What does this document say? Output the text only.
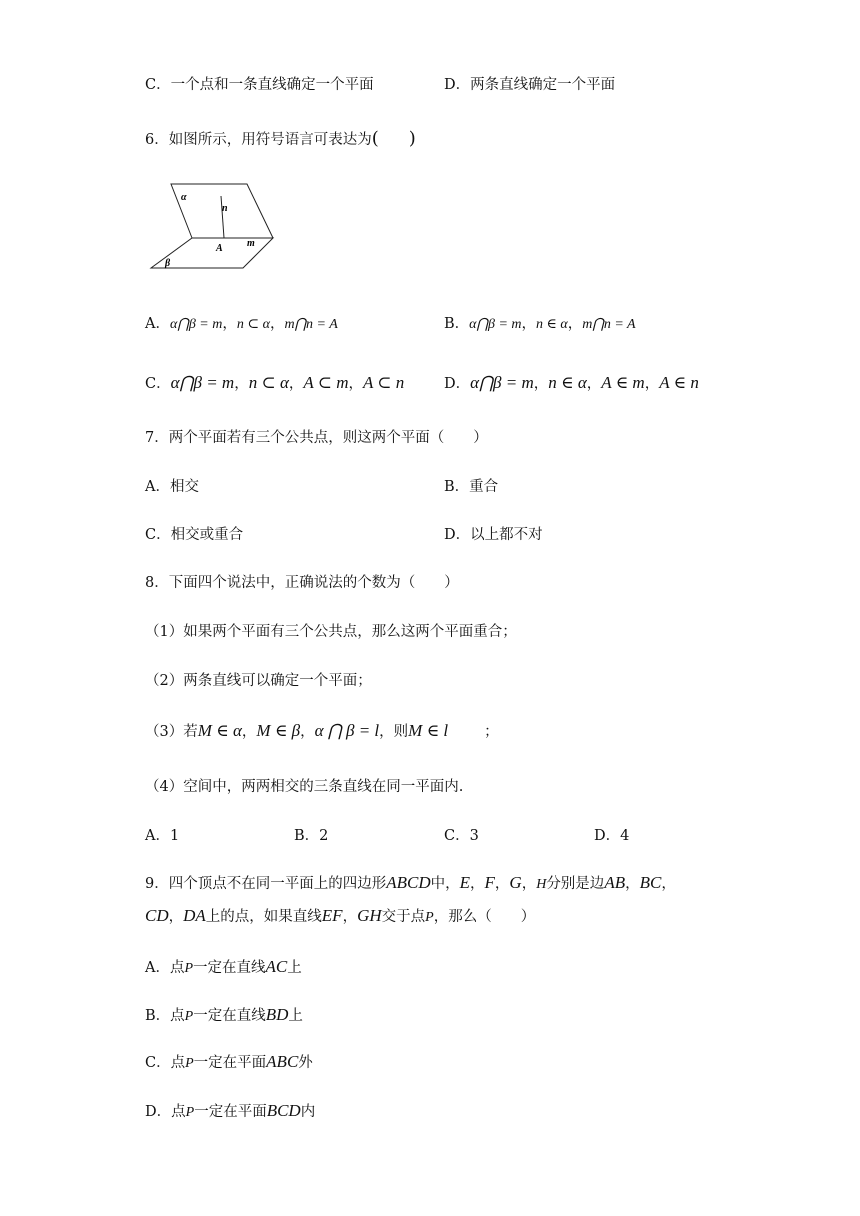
C．一个点和一条直线确定一个平面	D．两条直线确定一个平面
6．如图所示，用符号语言可表达为( )
α
n
A m
β
A．α⋂β = m，n ⊂ α，m⋂n = A	B．α⋂β = m，n ∈ α，m⋂n = A
C．α⋂β = m，n ⊂ α，A ⊂ m，A ⊂ n	D．α⋂β = m，n ∈ α，A ∈ m，A ∈ n
7．两个平面若有三个公共点，则这两个平面（　　）
A．相交	B．重合
C．相交或重合	D．以上都不对
8．下面四个说法中，正确说法的个数为（　　）
（1）如果两个平面有三个公共点，那么这两个平面重合；
（2）两条直线可以确定一个平面；
（3）若M ∈ α，M ∈ β，α ⋂ β = l，则M ∈ l ；
（4）空间中，两两相交的三条直线在同一平面内.
A．1	B．2	C．3	D．4
9．四个顶点不在同一平面上的四边形ABCD中，E，F，G，H分别是边AB，BC，
CD，DA上的点，如果直线EF，GH交于点P，那么（　　）
A．点P一定在直线AC上
B．点P一定在直线BD上
C．点P一定在平面ABC外
D．点P一定在平面BCD内
